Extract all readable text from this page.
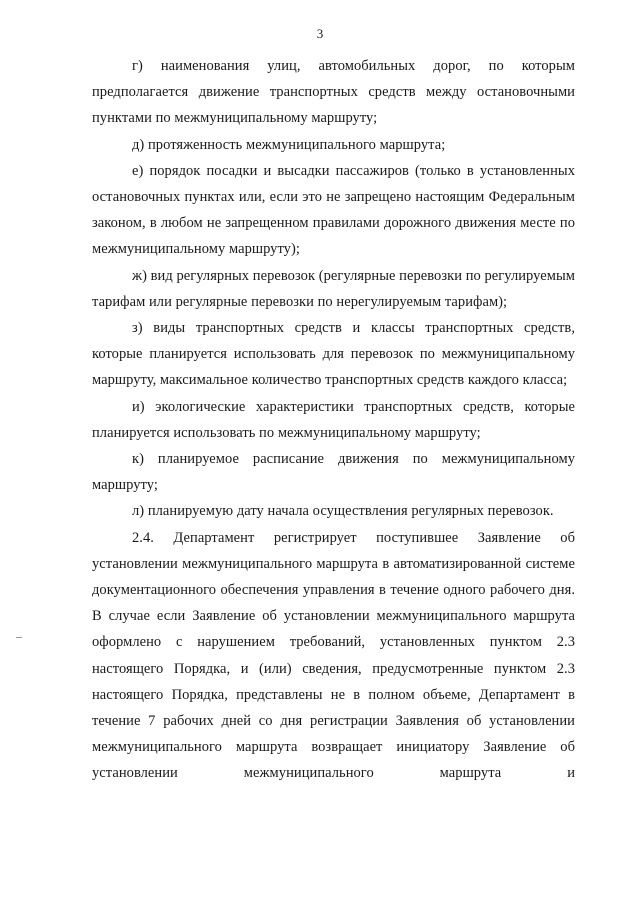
3

г) наименования улиц, автомобильных дорог, по которым предполагается движение транспортных средств между остановочными пунктами по межмуниципальному маршруту;

д) протяженность межмуниципального маршрута;

е) порядок посадки и высадки пассажиров (только в установленных остановочных пунктах или, если это не запрещено настоящим Федеральным законом, в любом не запрещенном правилами дорожного движения месте по межмуниципальному маршруту);

ж) вид регулярных перевозок (регулярные перевозки по регулируемым тарифам или регулярные перевозки по нерегулируемым тарифам);

з) виды транспортных средств и классы транспортных средств, которые планируется использовать для перевозок по межмуниципальному маршруту, максимальное количество транспортных средств каждого класса;

и) экологические характеристики транспортных средств, которые планируется использовать по межмуниципальному маршруту;

к) планируемое расписание движения по межмуниципальному маршруту;

л) планируемую дату начала осуществления регулярных перевозок.

2.4. Департамент регистрирует поступившее Заявление об установлении межмуниципального маршрута в автоматизированной системе документационного обеспечения управления в течение одного рабочего дня. В случае если Заявление об установлении межмуниципального маршрута оформлено с нарушением требований, установленных пунктом 2.3 настоящего Порядка, и (или) сведения, предусмотренные пунктом 2.3 настоящего Порядка, представлены не в полном объеме, Департамент в течение 7 рабочих дней со дня регистрации Заявления об установлении межмуниципального маршрута возвращает инициатору Заявление об установлении межмуниципального маршрута и
